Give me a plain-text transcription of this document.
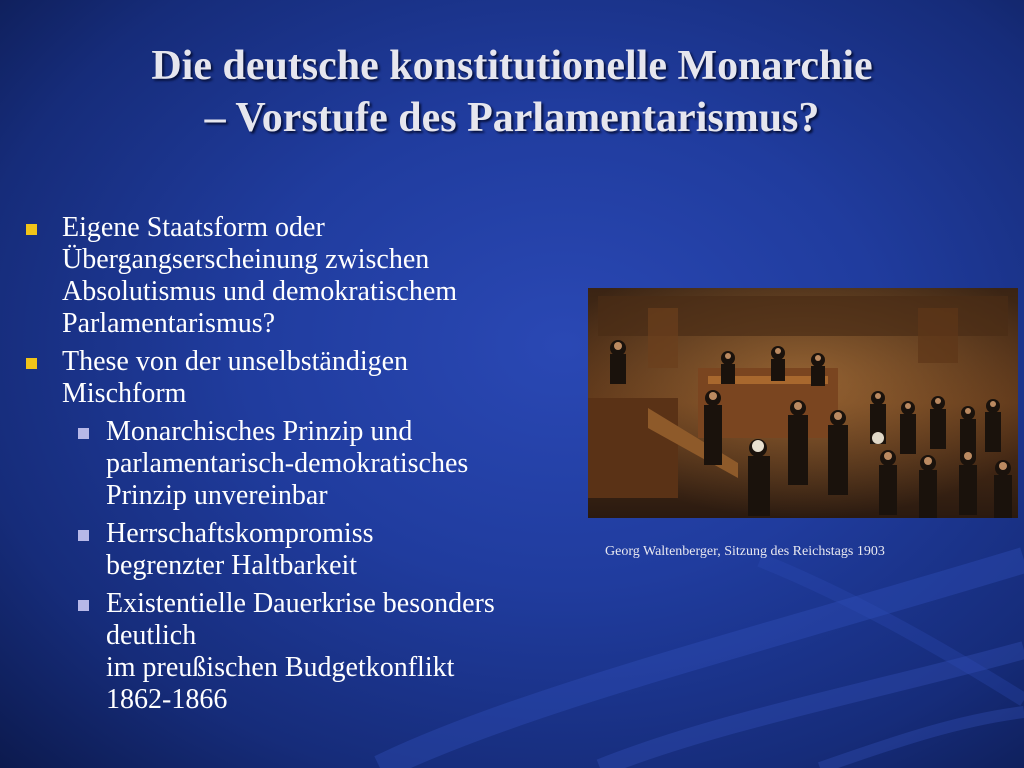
Die deutsche konstitutionelle Monarchie
– Vorstufe des Parlamentarismus?
Eigene Staatsform oder
Übergangserscheinung zwischen
Absolutismus und demokratischem
Parlamentarismus?
These von der unselbständigen
Mischform
Monarchisches Prinzip und
parlamentarisch-demokratisches
Prinzip unvereinbar
Herrschaftskompromiss
begrenzter Haltbarkeit
Existentielle Dauerkrise besonders
deutlich
im preußischen Budgetkonflikt
1862-1866
Georg Waltenberger, Sitzung des Reichstags 1903
